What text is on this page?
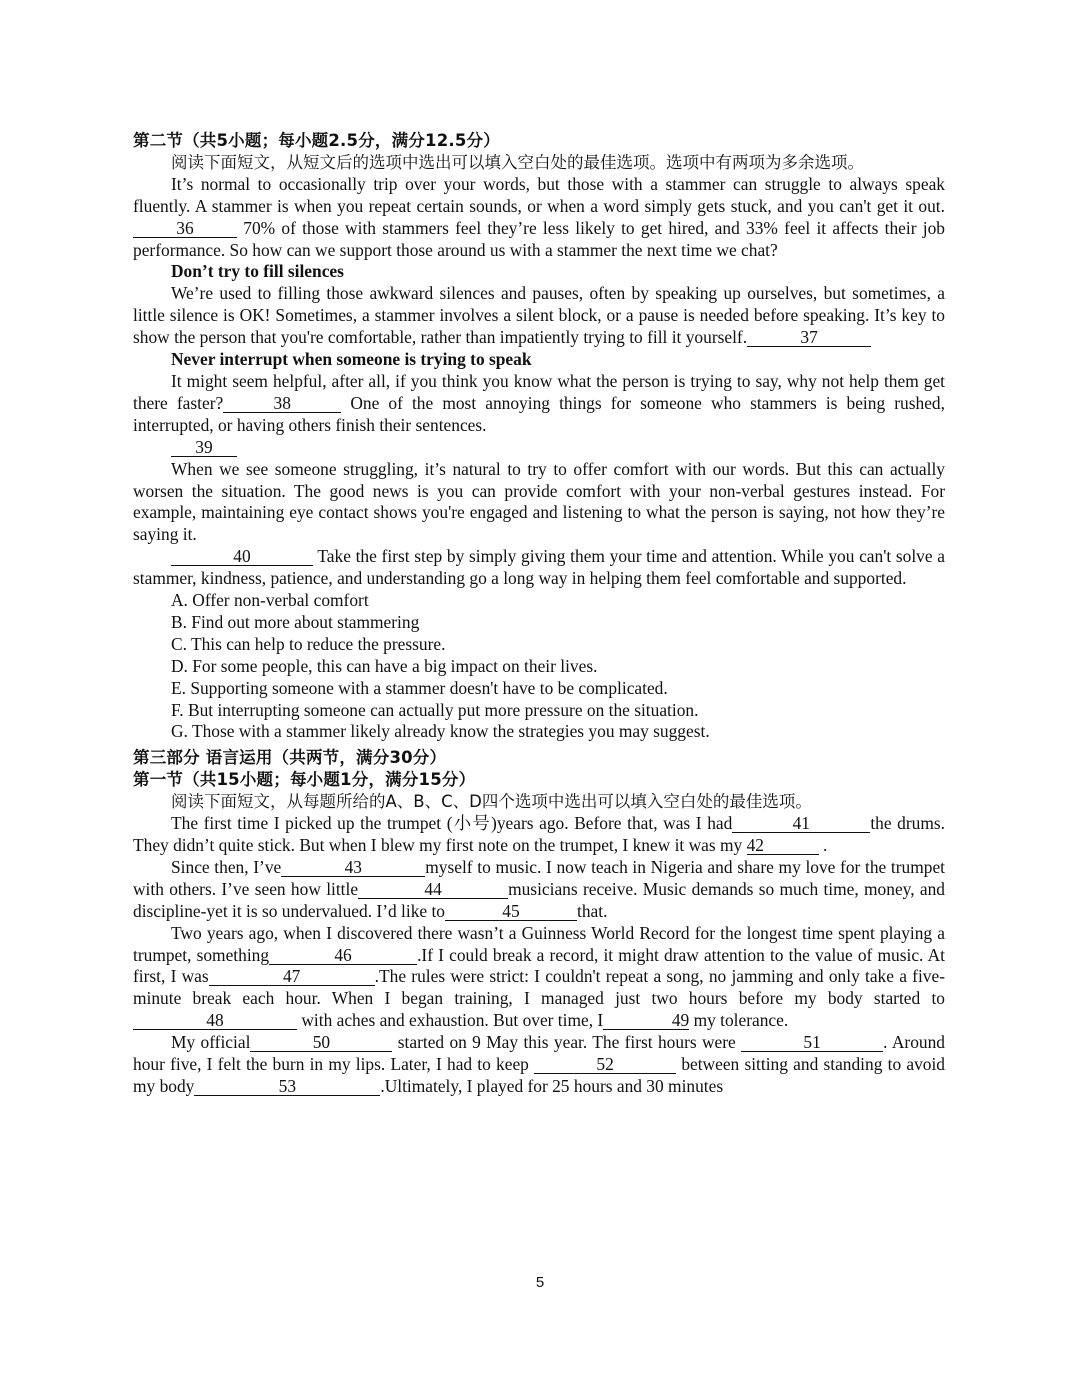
第二节（共5小题；每小题2.5分，满分12.5分）

阅读下面短文，从短文后的选项中选出可以填入空白处的最佳选项。选项中有两项为多余选项。

It’s normal to occasionally trip over your words, but those with a stammer can struggle to always speak fluently. A stammer is when you repeat certain sounds, or when a word simply gets stuck, and you can't get it out.36	70% of those with stammers feel they’re less likely to get hired, and 33% feel it affects their job performance. So how can we support those around us with a stammer the next time we chat?

Don’t try to fill silences

We’re used to filling those awkward silences and pauses, often by speaking up ourselves, but sometimes, a little silence is OK! Sometimes, a stammer involves a silent block, or a pause is needed before speaking. It’s key to show the person that you're comfortable, rather than impatiently trying to fill it yourself.	37

Never interrupt when someone is trying to speak

It might seem helpful, after all, if you think you know what the person is trying to say, why not help them get there faster?	38	One of the most annoying things for someone who stammers is being rushed, interrupted, or having others finish their sentences.

39

When we see someone struggling, it’s natural to try to offer comfort with our words. But this can actually worsen the situation. The good news is you can provide comfort with your non-verbal gestures instead. For example, maintaining eye contact shows you're engaged and listening to what the person is saying, not how they’re saying it.

40	Take the first step by simply giving them your time and attention. While you can't solve a stammer, kindness, patience, and understanding go a long way in helping them feel comfortable and supported.

A. Offer non-verbal comfort

B. Find out more about stammering

C. This can help to reduce the pressure.

D. For some people, this can have a big impact on their lives.

E. Supporting someone with a stammer doesn't have to be complicated.

F. But interrupting someone can actually put more pressure on the situation.

G. Those with a stammer likely already know the strategies you may suggest.

第三部分 语言运用（共两节，满分30分）

第一节（共15小题；每小题1分，满分15分）

阅读下面短文，从每题所给的A、B、C、D四个选项中选出可以填入空白处的最佳选项。

The first time I picked up the trumpet (小号)years ago. Before that, was I had	41	the drums. They didn’t quite stick. But when I blew my first note on the trumpet, I knew it was my 42	.

Since then, I’ve	43	myself to music. I now teach in Nigeria and share my love for the trumpet with others. I’ve seen how little	44	musicians receive. Music demands so much time, money, and discipline-yet it is so undervalued. I’d like to	45	that.

Two years ago, when I discovered there wasn’t a Guinness World Record for the longest time spent playing a trumpet, something	46	.If I could break a record, it might draw attention to the value of music. At first, I was	47	.The rules were strict: I couldn't repeat a song, no jamming and only take a five-minute break each hour. When I began training, I managed just two hours before my body started to48	with aches and exhaustion. But over time, I	49 my tolerance.

My official	50	started on 9 May this year. The first hours were	51	. Around hour five, I felt the burn in my lips. Later, I had to keep	52	between sitting and standing to avoid my body	53	.Ultimately, I played for 25 hours and 30 minutes

5
